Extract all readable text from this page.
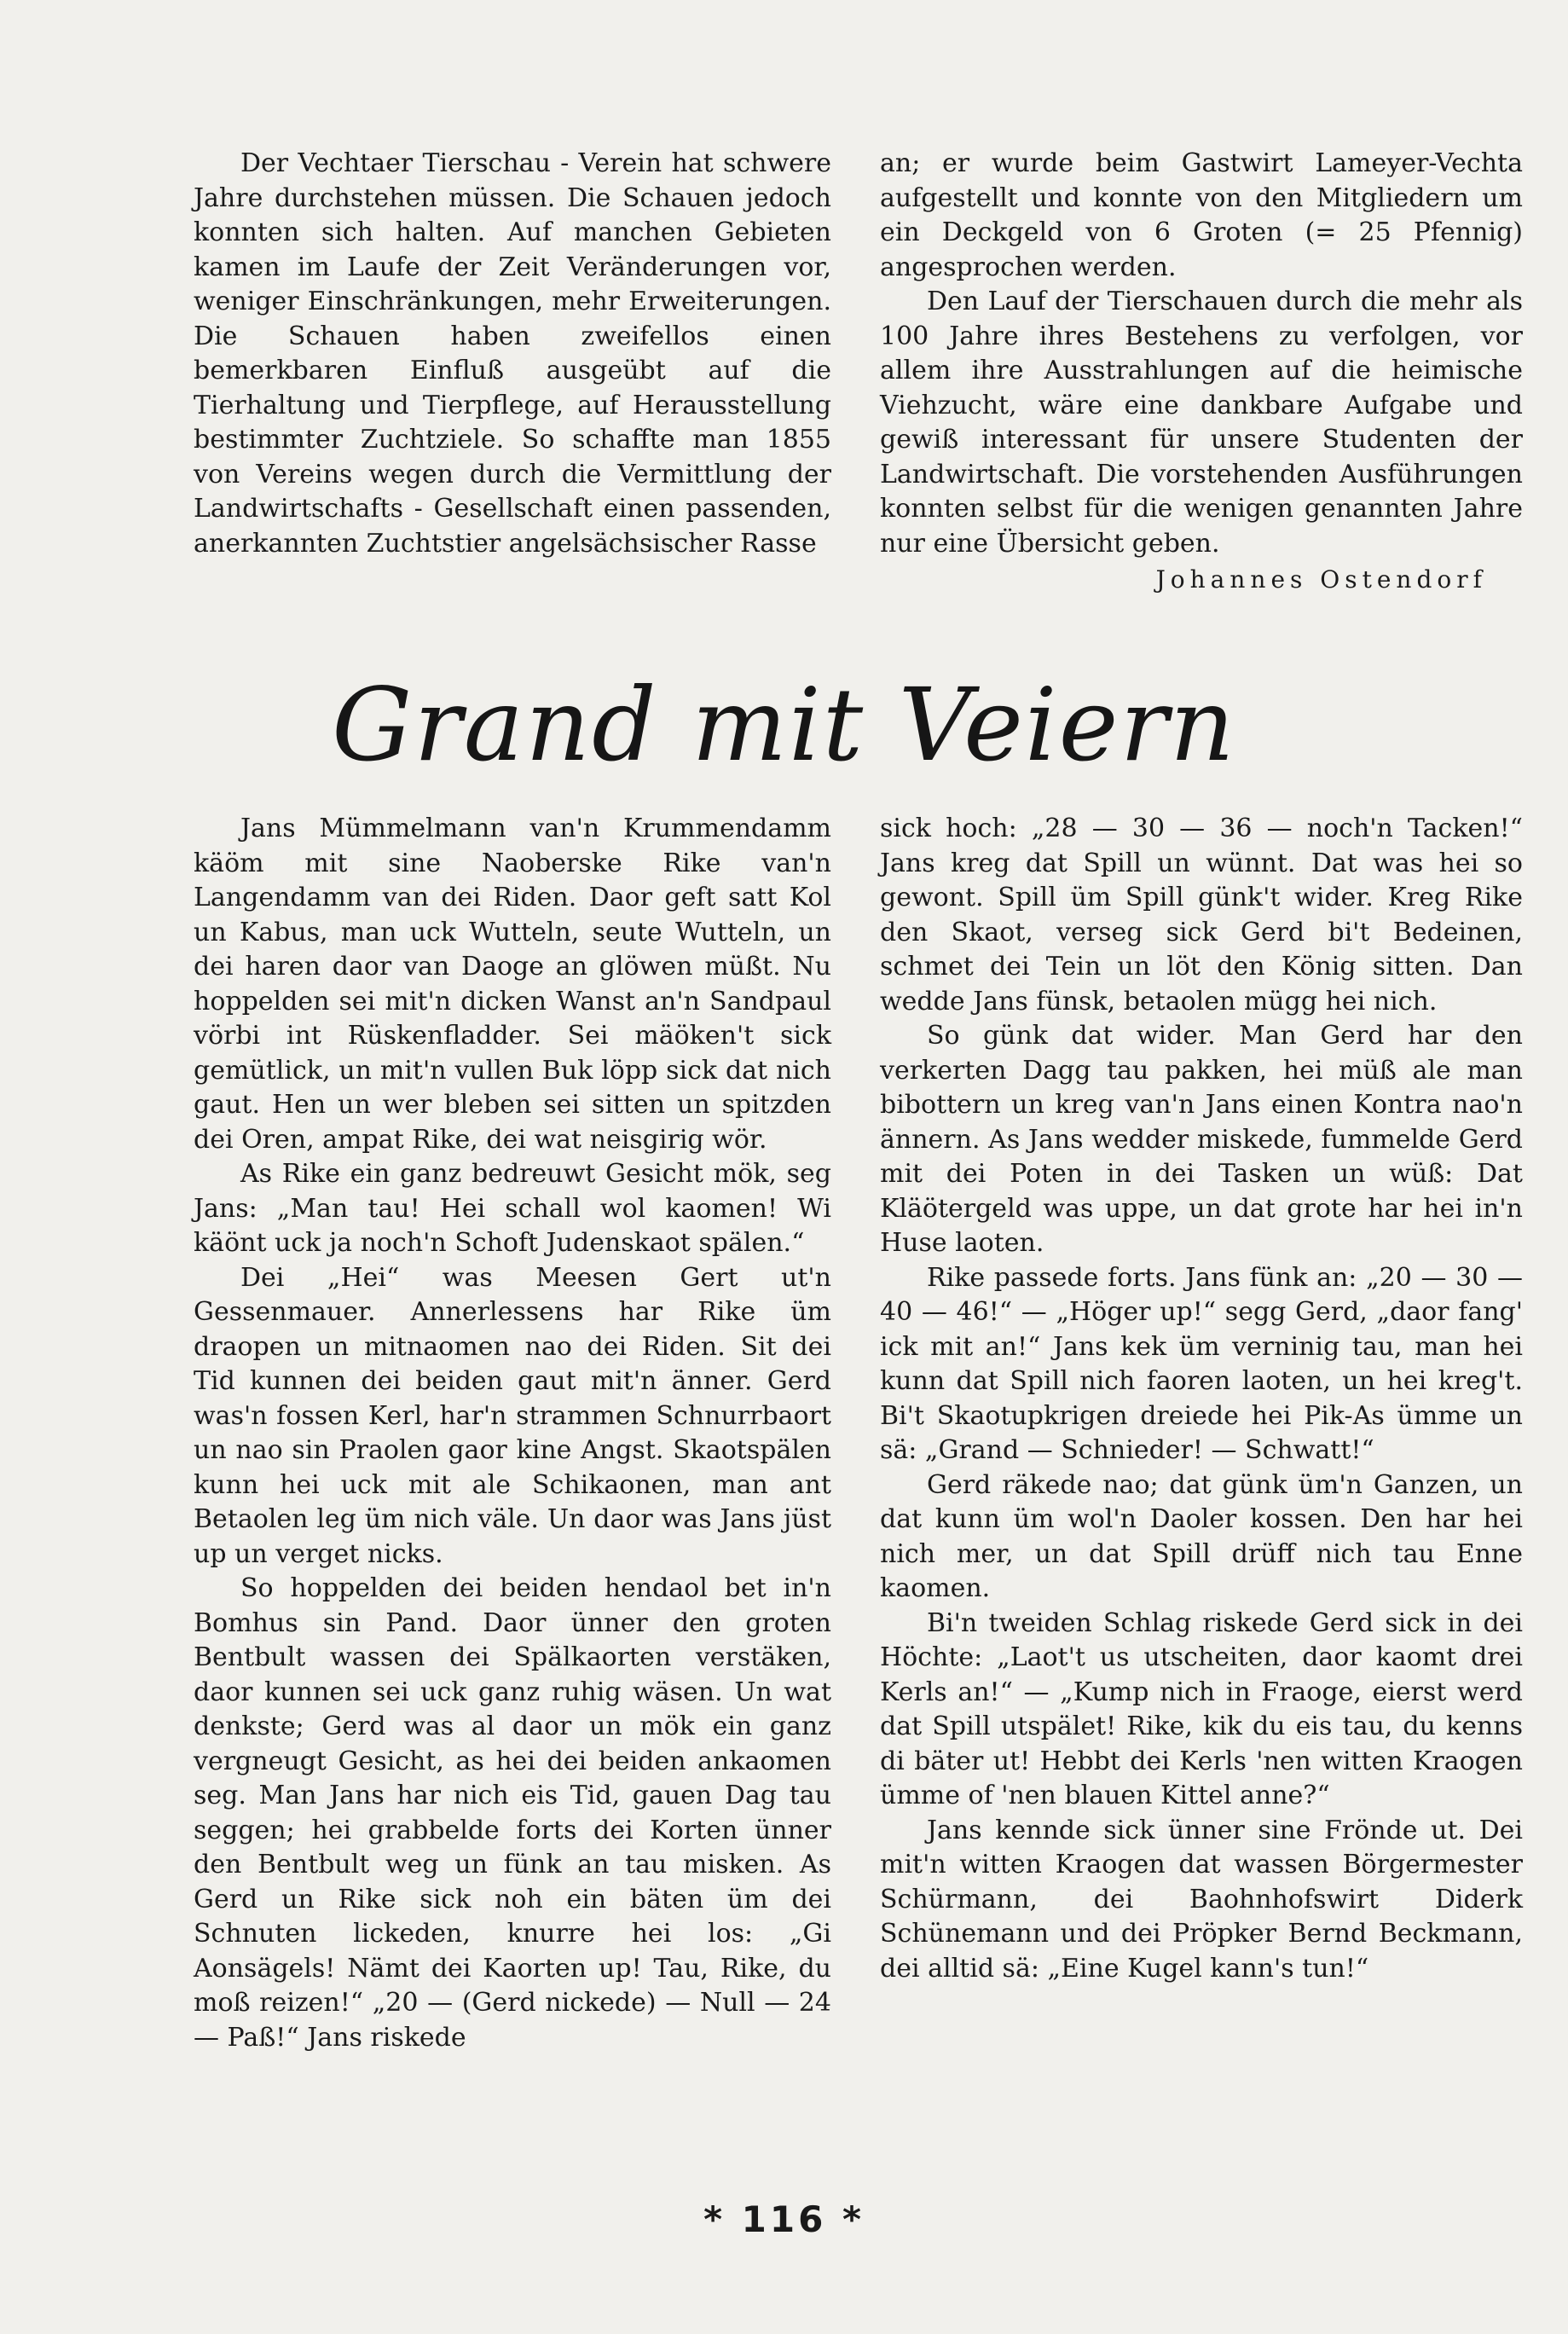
Der Vechtaer Tierschau - Verein hat schwere Jahre durchstehen müssen. Die Schauen jedoch konnten sich halten. Auf manchen Gebieten kamen im Laufe der Zeit Veränderungen vor, weniger Einschränkungen, mehr Erweiterungen. Die Schauen haben zweifellos einen bemerkbaren Einfluß ausgeübt auf die Tierhaltung und Tierpflege, auf Herausstellung bestimmter Zuchtziele. So schaffte man 1855 von Vereins wegen durch die Vermittlung der Landwirtschafts - Gesellschaft einen passenden, anerkannten Zuchtstier angelsächsischer Rasse

an; er wurde beim Gastwirt Lameyer-Vechta aufgestellt und konnte von den Mitgliedern um ein Deckgeld von 6 Groten (= 25 Pfennig) angesprochen werden.

Den Lauf der Tierschauen durch die mehr als 100 Jahre ihres Bestehens zu verfolgen, vor allem ihre Ausstrahlungen auf die heimische Viehzucht, wäre eine dankbare Aufgabe und gewiß interessant für unsere Studenten der Landwirtschaft. Die vorstehenden Ausführungen konnten selbst für die wenigen genannten Jahre nur eine Übersicht geben.

Johannes Ostendorf
Grand mit Veiern

Jans Mümmelmann van'n Krummendamm käöm mit sine Naoberske Rike van'n Langendamm van dei Riden. Daor geft satt Kol un Kabus, man uck Wutteln, seute Wutteln, un dei haren daor van Daoge an glöwen müßt. Nu hoppelden sei mit'n dicken Wanst an'n Sandpaul vörbi int Rüskenfladder. Sei mäöken't sick gemütlick, un mit'n vullen Buk löpp sick dat nich gaut. Hen un wer bleben sei sitten un spitzden dei Oren, ampat Rike, dei wat neisgirig wör.

As Rike ein ganz bedreuwt Gesicht mök, seg Jans: „Man tau! Hei schall wol kaomen! Wi käönt uck ja noch'n Schoft Judenskaot spälen.“

Dei „Hei“ was Meesen Gert ut'n Gessenmauer. Annerlessens har Rike üm draopen un mitnaomen nao dei Riden. Sit dei Tid kunnen dei beiden gaut mit'n änner. Gerd was'n fossen Kerl, har'n strammen Schnurrbaort un nao sin Praolen gaor kine Angst. Skaotspälen kunn hei uck mit ale Schikaonen, man ant Betaolen leg üm nich väle. Un daor was Jans jüst up un verget nicks.

So hoppelden dei beiden hendaol bet in'n Bomhus sin Pand. Daor ünner den groten Bentbult wassen dei Spälkaorten verstäken, daor kunnen sei uck ganz ruhig wäsen. Un wat denkste; Gerd was al daor un mök ein ganz vergneugt Gesicht, as hei dei beiden ankaomen seg. Man Jans har nich eis Tid, gauen Dag tau seggen; hei grabbelde forts dei Korten ünner den Bentbult weg un fünk an tau misken. As Gerd un Rike sick noh ein bäten üm dei Schnuten lickeden, knurre hei los: „Gi Aonsägels! Nämt dei Kaorten up! Tau, Rike, du moß reizen!“ „20 — (Gerd nickede) — Null — 24 — Paß!“ Jans riskede

sick hoch: „28 — 30 — 36 — noch'n Tacken!“ Jans kreg dat Spill un wünnt. Dat was hei so gewont. Spill üm Spill günk't wider. Kreg Rike den Skaot, verseg sick Gerd bi't Bedeinen, schmet dei Tein un löt den König sitten. Dan wedde Jans fünsk, betaolen mügg hei nich.

So günk dat wider. Man Gerd har den verkerten Dagg tau pakken, hei müß ale man bibottern un kreg van'n Jans einen Kontra nao'n ännern. As Jans wedder miskede, fummelde Gerd mit dei Poten in dei Tasken un wüß: Dat Kläötergeld was uppe, un dat grote har hei in'n Huse laoten.

Rike passede forts. Jans fünk an: „20 — 30 — 40 — 46!“ — „Höger up!“ segg Gerd, „daor fang' ick mit an!“ Jans kek üm verninig tau, man hei kunn dat Spill nich faoren laoten, un hei kreg't. Bi't Skaotupkrigen dreiede hei Pik-As ümme un sä: „Grand — Schnieder! — Schwatt!“

Gerd räkede nao; dat günk üm'n Ganzen, un dat kunn üm wol'n Daoler kossen. Den har hei nich mer, un dat Spill drüff nich tau Enne kaomen.

Bi'n tweiden Schlag riskede Gerd sick in dei Höchte: „Laot't us utscheiten, daor kaomt drei Kerls an!“ — „Kump nich in Fraoge, eierst werd dat Spill utspälet! Rike, kik du eis tau, du kenns di bäter ut! Hebbt dei Kerls 'nen witten Kraogen ümme of 'nen blauen Kittel anne?“

Jans kennde sick ünner sine Frönde ut. Dei mit'n witten Kraogen dat wassen Börgermester Schürmann, dei Baohnhofswirt Diderk Schünemann und dei Pröpker Bernd Beckmann, dei alltid sä: „Eine Kugel kann's tun!“

* 116 *
